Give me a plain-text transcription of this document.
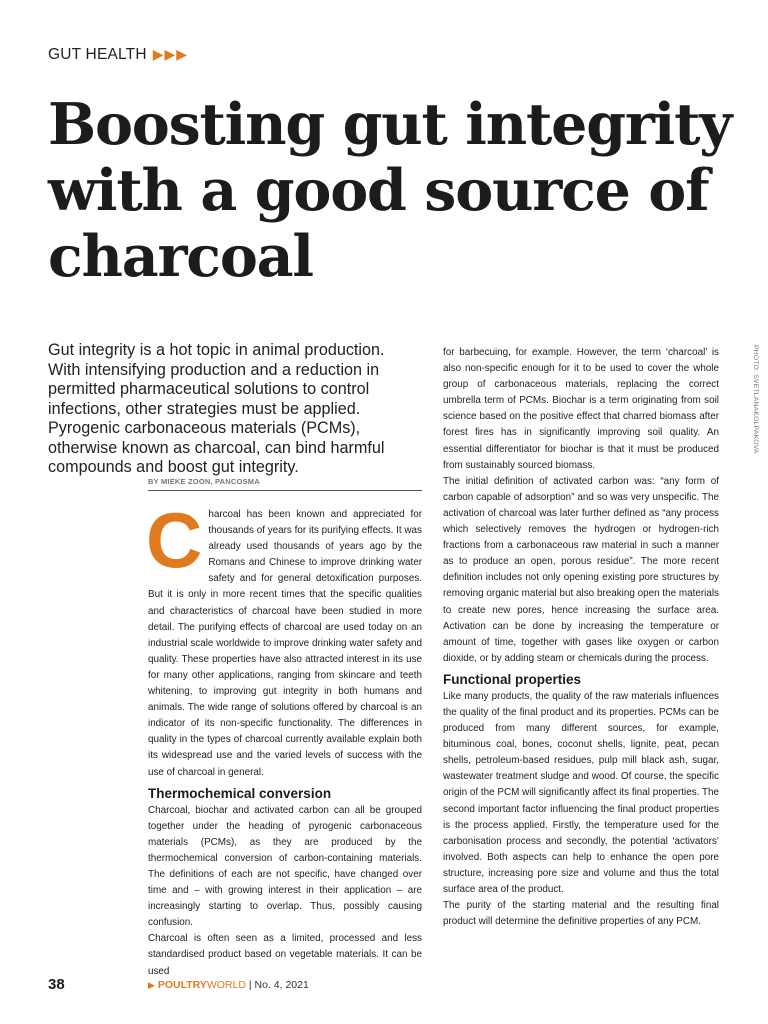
GUT HEALTH ▶▶▶
Boosting gut integrity with a good source of charcoal

Gut integrity is a hot topic in animal production. With intensifying production and a reduction in permitted pharmaceutical solutions to control infections, other strategies must be applied. Pyrogenic carbonaceous materials (PCMs), otherwise known as charcoal, can bind harmful compounds and boost gut integrity.

PHOTO: SVETLANAKOLPAKOVA
BY MIEKE ZOON, PANCOSMA

Charcoal has been known and appreciated for thousands of years for its purifying effects. It was already used thousands of years ago by the Romans and Chinese to improve drinking water safety and for general detoxification purposes. But it is only in more recent times that the specific qualities and characteristics of charcoal have been studied in more detail. The purifying effects of charcoal are used today on an industrial scale worldwide to improve drinking water safety and quality. These properties have also attracted interest in its use for many other applications, ranging from skincare and teeth whitening, to improving gut integrity in both humans and animals. The wide range of solutions offered by charcoal is an indicator of its non-specific functionality. The differences in quality in the types of charcoal currently available explain both its widespread use and the varied levels of success with the use of charcoal in general.

Thermochemical conversion

Charcoal, biochar and activated carbon can all be grouped together under the heading of pyrogenic carbonaceous materials (PCMs), as they are produced by the thermochemical conversion of carbon-containing materials. The definitions of each are not specific, have changed over time and – with growing interest in their application – are increasingly starting to overlap. Thus, possibly causing confusion.

Charcoal is often seen as a limited, processed and less standardised product based on vegetable materials. It can be used

for barbecuing, for example. However, the term ‘charcoal’ is also non-specific enough for it to be used to cover the whole group of carbonaceous materials, replacing the correct umbrella term of PCMs. Biochar is a term originating from soil science based on the positive effect that charred biomass after forest fires has in significantly improving soil quality. An essential differentiator for biochar is that it must be produced from sustainably sourced biomass.

The initial definition of activated carbon was: “any form of carbon capable of adsorption” and so was very unspecific. The activation of charcoal was later further defined as “any process which selectively removes the hydrogen or hydrogen-rich fractions from a carbonaceous raw material in such a manner as to produce an open, porous residue”. The more recent definition includes not only opening existing pore structures by removing organic material but also breaking open the materials to create new pores, hence increasing the surface area. Activation can be done by increasing the temperature or amount of time, together with gases like oxygen or carbon dioxide, or by adding steam or chemicals during the process.

Functional properties

Like many products, the quality of the raw materials influences the quality of the final product and its properties. PCMs can be produced from many different sources, for example, bituminous coal, bones, coconut shells, lignite, peat, pecan shells, petroleum-based residues, pulp mill black ash, sugar, wastewater treatment sludge and wood. Of course, the specific origin of the PCM will significantly affect its final properties. The second important factor influencing the final product properties is the process applied. Firstly, the temperature used for the carbonisation process and secondly, the potential ‘activators’ involved. Both aspects can help to enhance the open pore structure, increasing pore size and volume and thus the total surface area of the product.

The purity of the starting material and the resulting final product will determine the definitive properties of any PCM.

38	▶ POULTRYWORLD | No. 4, 2021
